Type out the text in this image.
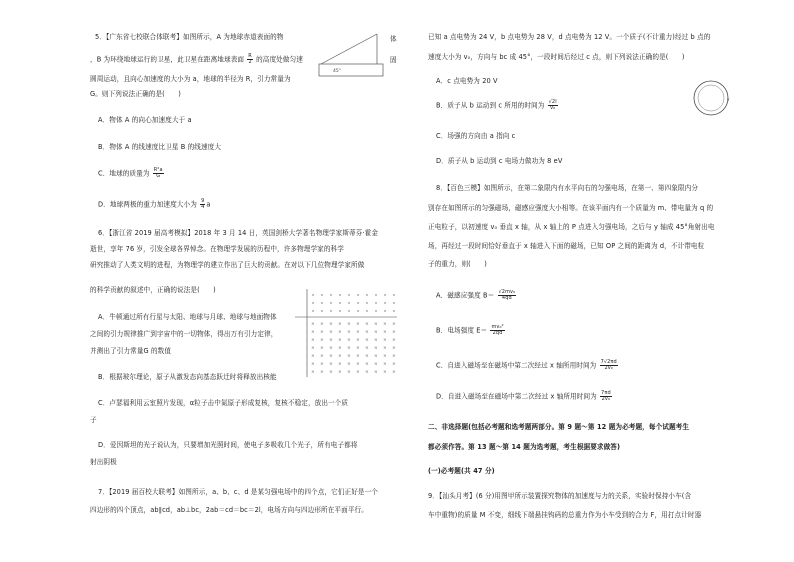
5．【广东省七校联合体联考】如图所示，A 为地球赤道表面的物	体
固
，B 为环绕地球运行的卫星，此卫星在距离地球表面 $\frac{R}{2}$ 的高度处做匀速
圆周运动，且向心加速度的大小为 a，地球的半径为 R，引力常量为
G。则下列说法正确的是(　　)
45°
A．物体 A 的向心加速度大于 a
B．物体 A 的线速度比卫星 B 的线速度大
C．地球的质量为 $\frac{\text{R²a}}{G}$
D．地球两极的重力加速度大小为 $\frac{9}{4}$ a
6．【浙江省 2019 届高考模拟】2018 年 3 月 14 日，英国剑桥大学著名物理学家斯蒂芬·霍金
逝世，享年 76 岁，引发全球各界悼念。在物理学发展的历程中，许多物理学家的科学
研究推动了人类文明的进程，为物理学的建立作出了巨大的贡献。在对以下几位物理学家所做
的科学贡献的叙述中，正确的说法是(　　)
× × × × × × × × × ×
× × × × × × × × × ×
× × × × × × × × × ×
× × × × × × × × × ×
× × × × × × × × × ×
× × × × × × × × × ×
× × × × × × × × × ×
A．牛顿通过所有行星与太阳、地球与月球、地球与地面物体
之间的引力规律推广到宇宙中的一切物体，得出万有引力定律，
并测出了引力常量G 的数值
B．根据玻尔理论，原子从激发态向基态跃迁时将释放出核能
C．卢瑟福利用云室照片发现，α粒子击中氮原子形成复核，复核不稳定，放出一个质
子
D．爱因斯坦的光子说认为，只要增加光照时间，使电子多吸收几个光子，所有电子都将
射出阴极
7．【2019 届百校大联考】如图所示，a、b、c、d 是某匀强电场中的四个点，它们正好是一个
四边形的四个顶点，ab∥cd，ab⊥bc，2ab＝cd＝bc＝2l，电场方向与四边形所在平面平行。
已知 a 点电势为 24 V，b 点电势为 28 V，d 点电势为 12 V。一个质子(不计重力)经过 b 点的
速度大小为 v₀，方向与 bc 成 45°，一段时间后经过 c 点，则下列说法正确的是(　　)
A．c 点电势为 20 V
B．质子从 b 运动到 c 所用的时间为 $\frac{√2l}{\text{v₀}}$
C．场强的方向由 a 指向 c
D．质子从 b 运动到 c 电场力做功为 8 eV
v
8．【百色三模】如图所示，在第二象限内有水平向右的匀强电场，在第一、第四象限内分
别存在如图所示的匀强磁场，磁感应强度大小相等。在该平面内有一个质量为 m、带电量为 q 的
正电粒子，以初速度 v₀ 垂直 x 轴，从 x 轴上的 P 点进入匀强电场，之后与 y 轴成 45°角射出电
场，再经过一段时间恰好垂直于 x 轴进入下面的磁场，已知 OP 之间的距离为 d，不计带电粒
子的重力，则(　　)
A．磁感应强度 $B= \frac{\text{√2mv₀}}{4qd}$
B．电场强度 $E= \frac{\text{mv₀²}}{2qd}$
C．自进入磁场至在磁场中第二次经过 x 轴所用时间为 $\frac{7√2\pi d}{\text{2v₀}}$
D．自进入磁场至在磁场中第二次经过 x 轴所用时间为 $\frac{7\pi d}{\text{2v₀}}$
二、非选择题(包括必考题和选考题两部分。第 9 题～第 12 题为必考题，每个试题考生
都必须作答。第 13 题～第 14 题为选考题，考生根据要求做答)
(一)必考题(共 47 分)
9．【汕头月考】(6 分)用图甲所示装置探究物体的加速度与力的关系，实验时保持小车(含
车中重物)的质量 M 不变，细线下端悬挂钩码的总重力作为小车受到的合力 F，用打点计时器
